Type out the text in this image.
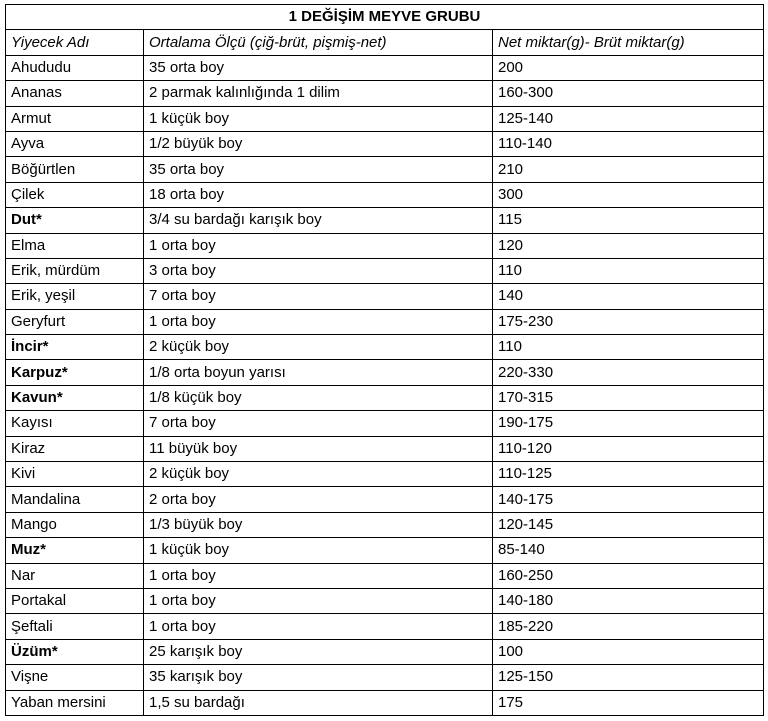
1 DEĞİŞİM MEYVE GRUBU		
Yiyecek Adı	Ortalama Ölçü (çiğ-brüt, pişmiş-net)	Net miktar(g)- Brüt miktar(g)
Ahududu	35 orta boy	200
Ananas	2 parmak kalınlığında 1 dilim	160-300
Armut	1 küçük boy	125-140
Ayva	1/2 büyük boy	110-140
Böğürtlen	35 orta boy	210
Çilek	18 orta boy	300
Dut*	3/4 su bardağı karışık boy	115
Elma	1 orta boy	120
Erik, mürdüm	3 orta boy	110
Erik, yeşil	7 orta boy	140
Geryfurt	1 orta boy	175-230
İncir*	2 küçük boy	110
Karpuz*	1/8 orta boyun yarısı	220-330
Kavun*	1/8 küçük boy	170-315
Kayısı	7 orta boy	190-175
Kiraz	11 büyük boy	110-120
Kivi	2 küçük boy	110-125
Mandalina	2 orta boy	140-175
Mango	1/3 büyük boy	120-145
Muz*	1 küçük boy	85-140
Nar	1 orta boy	160-250
Portakal	1 orta boy	140-180
Şeftali	1 orta boy	185-220
Üzüm*	25 karışık boy	100
Vişne	35 karışık boy	125-150
Yaban mersini	1,5 su bardağı	175
